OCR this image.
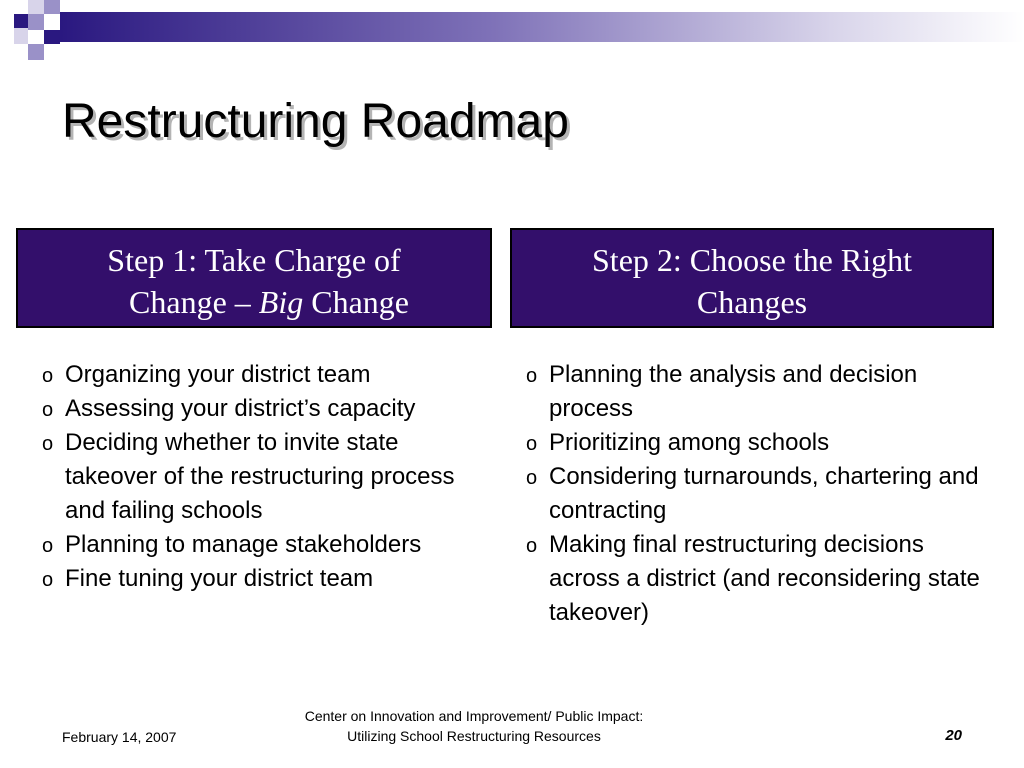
Restructuring Roadmap
Step 1: Take Charge of
Change – Big Change
Step 2: Choose the Right
Changes
o Organizing your district team
o Assessing your district’s capacity
o Deciding whether to invite state takeover of the restructuring process and failing schools
o Planning to manage stakeholders
o Fine tuning your district team
o Planning the analysis and decision process
o Prioritizing among schools
o Considering turnarounds, chartering and contracting
o Making final restructuring decisions across a district (and reconsidering state takeover)
February 14, 2007
Center on Innovation and Improvement/ Public Impact:
Utilizing School Restructuring Resources	20
